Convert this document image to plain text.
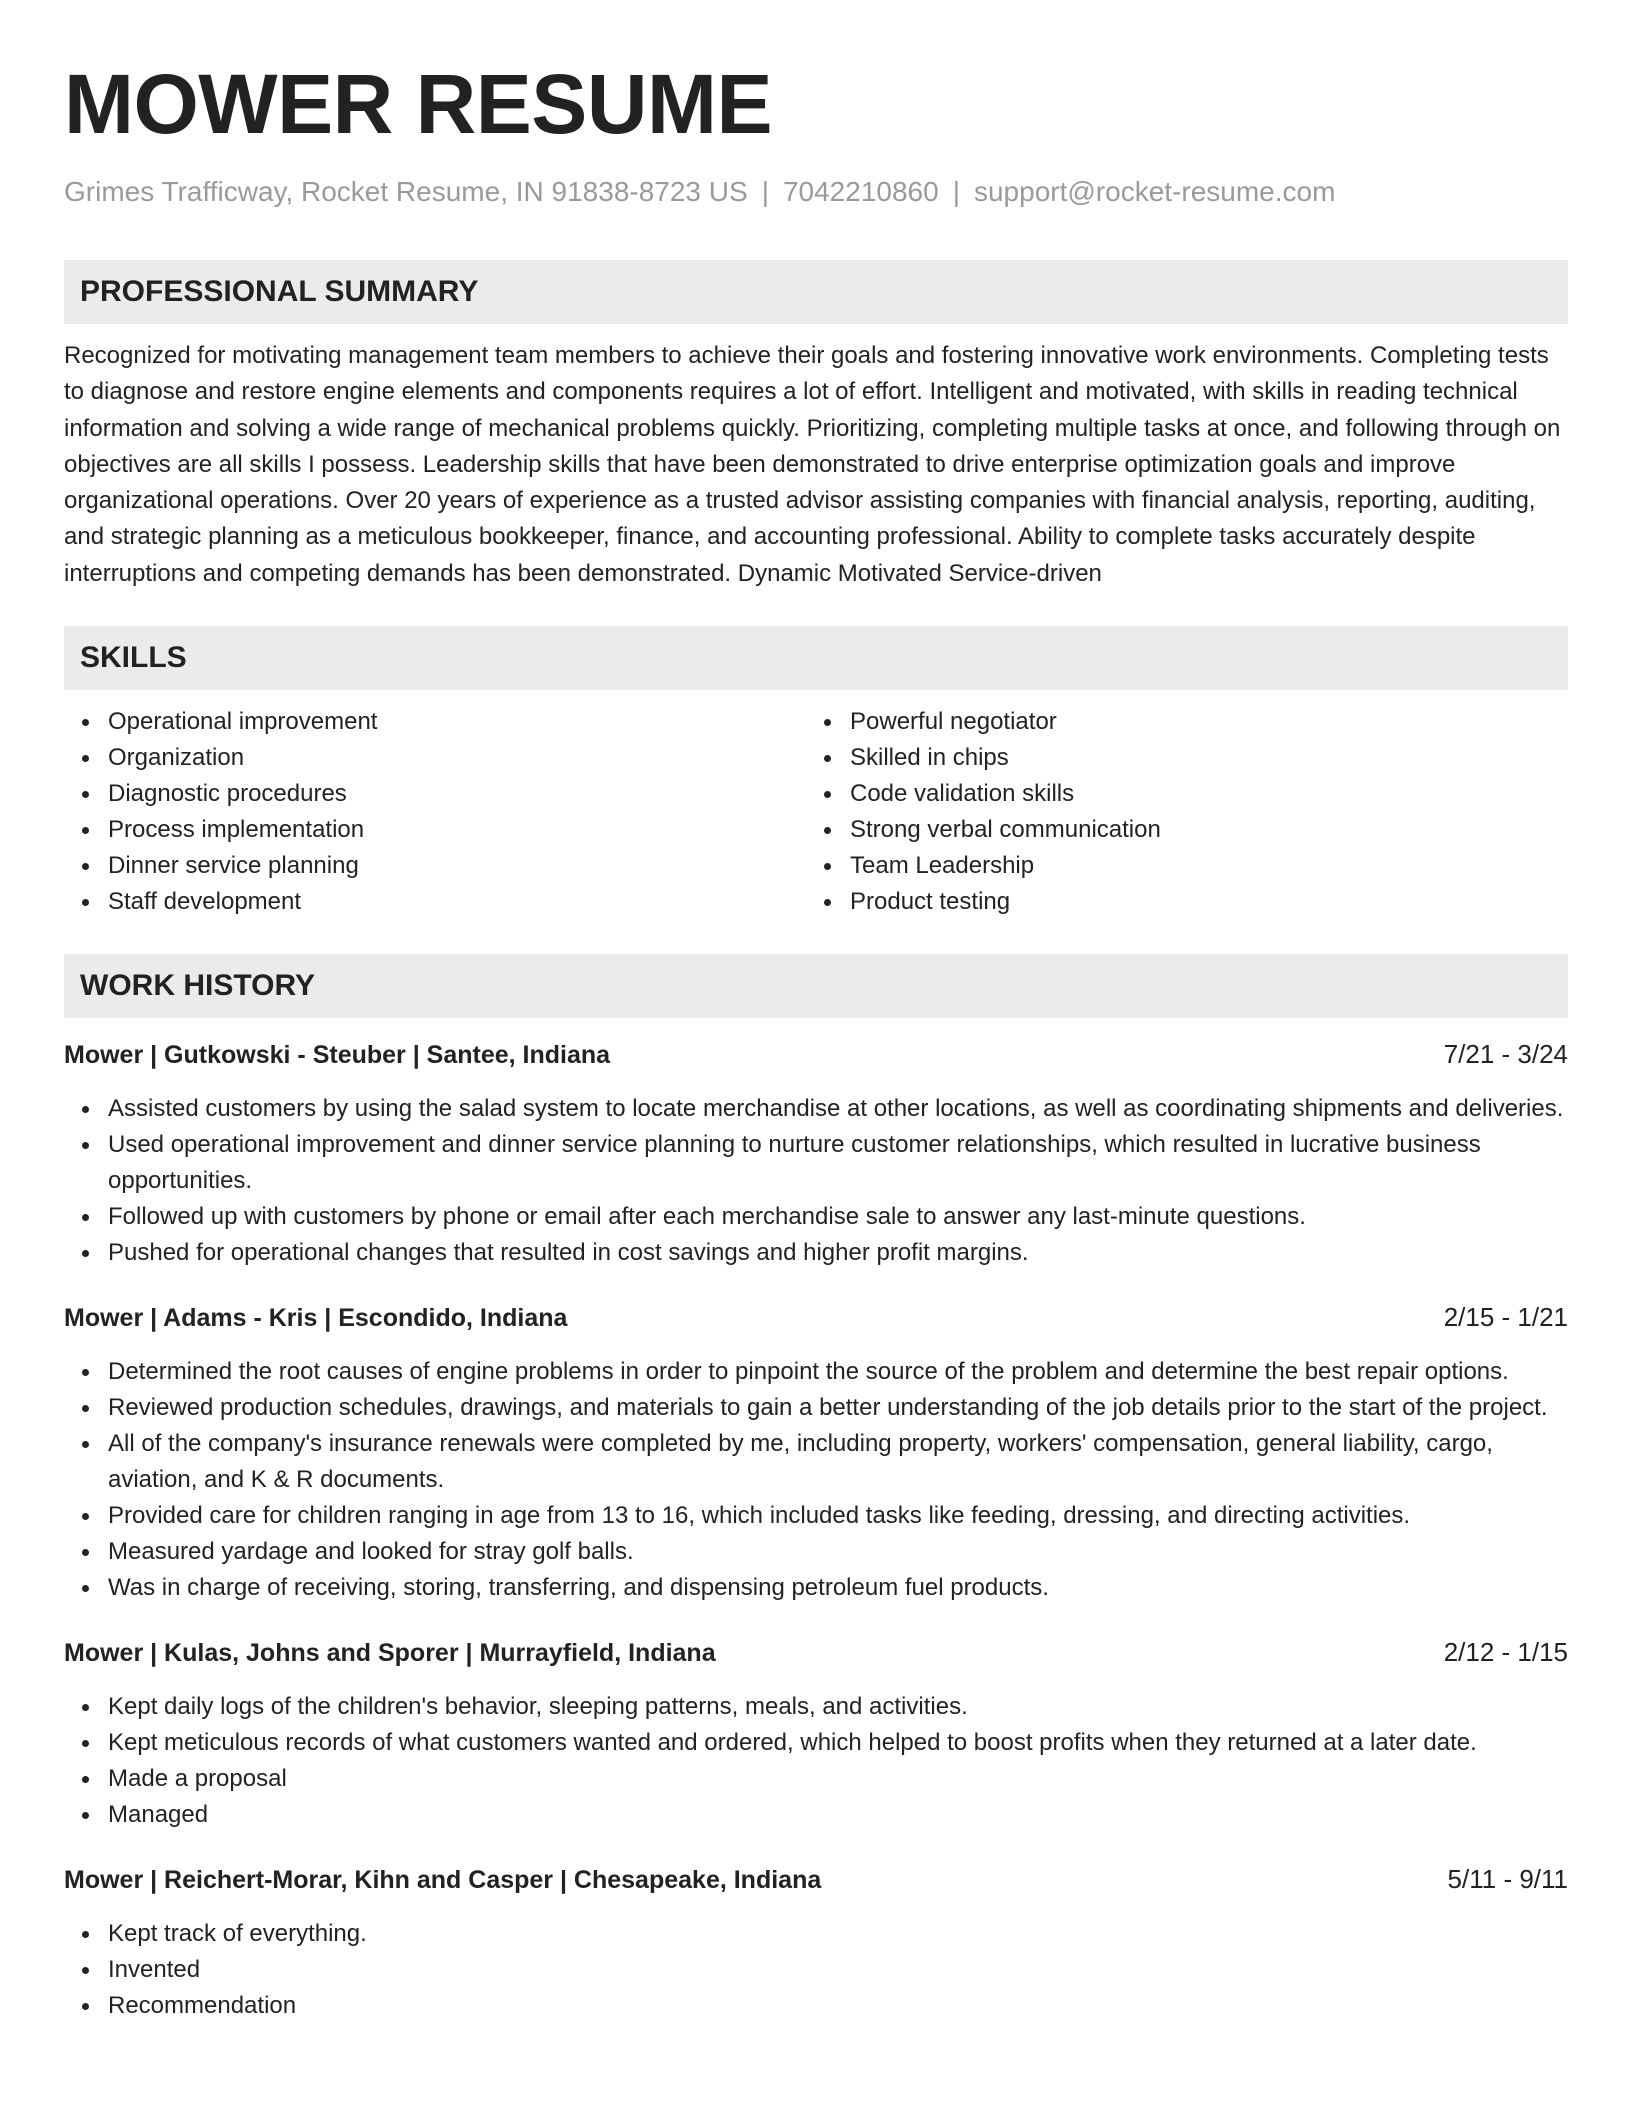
MOWER RESUME
Grimes Trafficway, Rocket Resume, IN 91838-8723 US | 7042210860 | support@rocket-resume.com
PROFESSIONAL SUMMARY
Recognized for motivating management team members to achieve their goals and fostering innovative work environments. Completing tests to diagnose and restore engine elements and components requires a lot of effort. Intelligent and motivated, with skills in reading technical information and solving a wide range of mechanical problems quickly. Prioritizing, completing multiple tasks at once, and following through on objectives are all skills I possess. Leadership skills that have been demonstrated to drive enterprise optimization goals and improve organizational operations. Over 20 years of experience as a trusted advisor assisting companies with financial analysis, reporting, auditing, and strategic planning as a meticulous bookkeeper, finance, and accounting professional. Ability to complete tasks accurately despite interruptions and competing demands has been demonstrated. Dynamic Motivated Service-driven
SKILLS
Operational improvement
Organization
Diagnostic procedures
Process implementation
Dinner service planning
Staff development
Powerful negotiator
Skilled in chips
Code validation skills
Strong verbal communication
Team Leadership
Product testing
WORK HISTORY
Mower | Gutkowski - Steuber | Santee, Indiana	7/21 - 3/24
Assisted customers by using the salad system to locate merchandise at other locations, as well as coordinating shipments and deliveries.
Used operational improvement and dinner service planning to nurture customer relationships, which resulted in lucrative business opportunities.
Followed up with customers by phone or email after each merchandise sale to answer any last-minute questions.
Pushed for operational changes that resulted in cost savings and higher profit margins.
Mower | Adams - Kris | Escondido, Indiana	2/15 - 1/21
Determined the root causes of engine problems in order to pinpoint the source of the problem and determine the best repair options.
Reviewed production schedules, drawings, and materials to gain a better understanding of the job details prior to the start of the project.
All of the company's insurance renewals were completed by me, including property, workers' compensation, general liability, cargo, aviation, and K & R documents.
Provided care for children ranging in age from 13 to 16, which included tasks like feeding, dressing, and directing activities.
Measured yardage and looked for stray golf balls.
Was in charge of receiving, storing, transferring, and dispensing petroleum fuel products.
Mower | Kulas, Johns and Sporer | Murrayfield, Indiana	2/12 - 1/15
Kept daily logs of the children's behavior, sleeping patterns, meals, and activities.
Kept meticulous records of what customers wanted and ordered, which helped to boost profits when they returned at a later date.
Made a proposal
Managed
Mower | Reichert-Morar, Kihn and Casper | Chesapeake, Indiana	5/11 - 9/11
Kept track of everything.
Invented
Recommendation
